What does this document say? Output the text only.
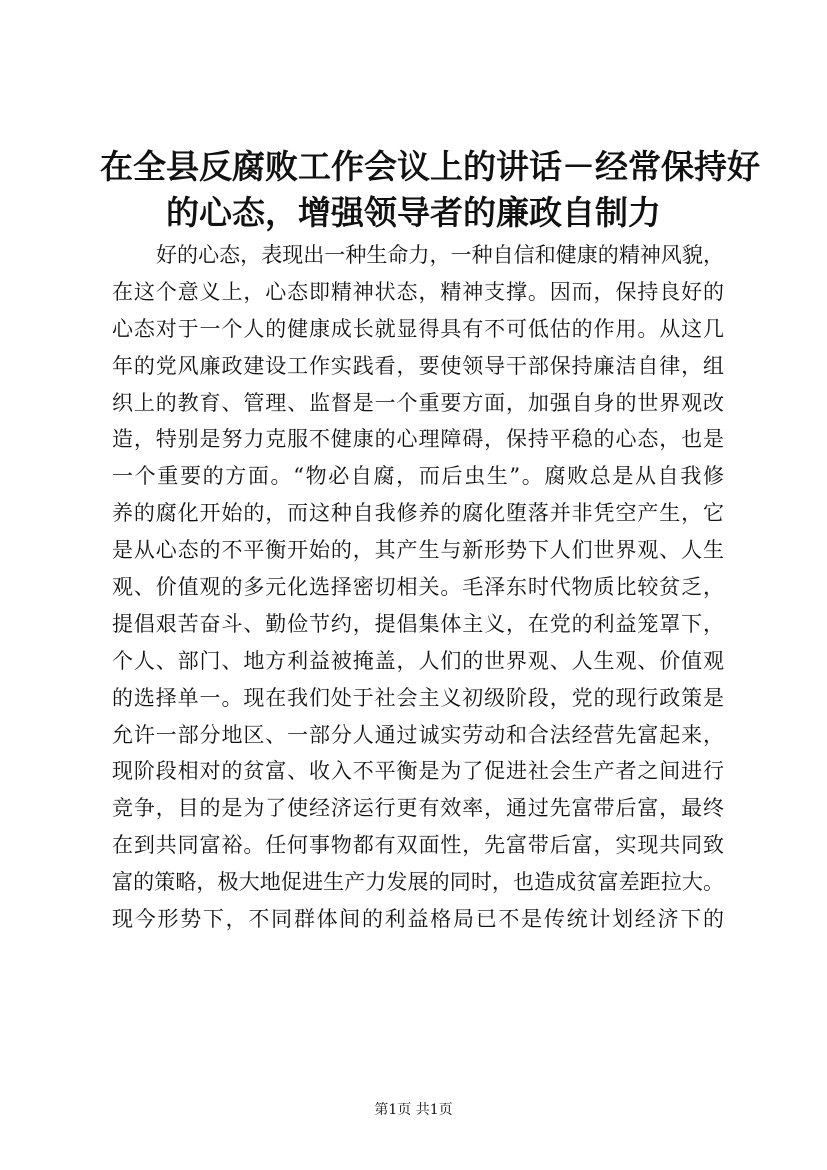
在全县反腐败工作会议上的讲话－经常保持好
的心态，增强领导者的廉政自制力
好的心态，表现出一种生命力，一种自信和健康的精神风貌，
在这个意义上，心态即精神状态，精神支撑。因而，保持良好的
心态对于一个人的健康成长就显得具有不可低估的作用。从这几
年的党风廉政建设工作实践看，要使领导干部保持廉洁自律，组
织上的教育、管理、监督是一个重要方面，加强自身的世界观改
造，特别是努力克服不健康的心理障碍，保持平稳的心态，也是
一个重要的方面。“物必自腐，而后虫生”。腐败总是从自我修
养的腐化开始的，而这种自我修养的腐化堕落并非凭空产生，它
是从心态的不平衡开始的，其产生与新形势下人们世界观、人生
观、价值观的多元化选择密切相关。毛泽东时代物质比较贫乏，
提倡艰苦奋斗、勤俭节约，提倡集体主义，在党的利益笼罩下，
个人、部门、地方利益被掩盖，人们的世界观、人生观、价值观
的选择单一。现在我们处于社会主义初级阶段，党的现行政策是
允许一部分地区、一部分人通过诚实劳动和合法经营先富起来，
现阶段相对的贫富、收入不平衡是为了促进社会生产者之间进行
竞争，目的是为了使经济运行更有效率，通过先富带后富，最终
在到共同富裕。任何事物都有双面性，先富带后富，实现共同致
富的策略，极大地促进生产力发展的同时，也造成贫富差距拉大。
现今形势下，不同群体间的利益格局已不是传统计划经济下的
第1页 共1页
